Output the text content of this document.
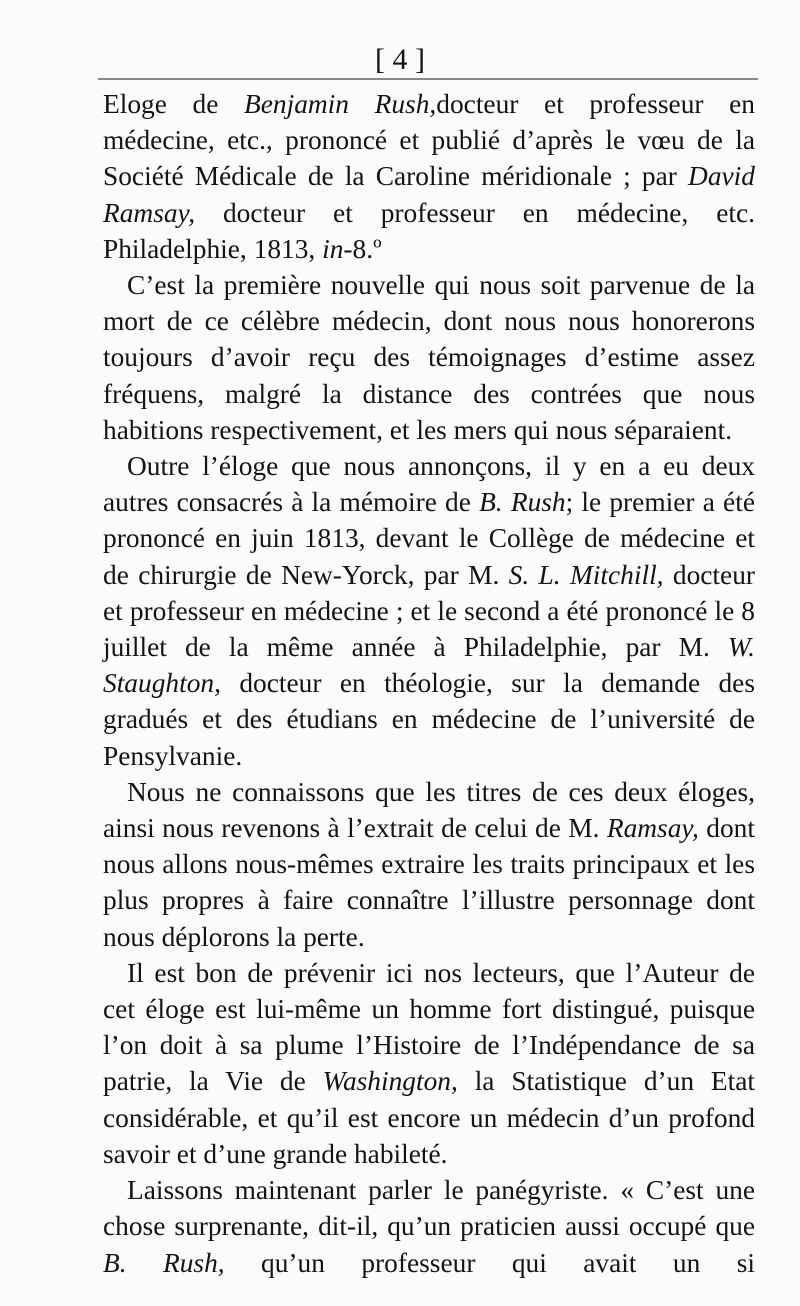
[ 4 ]

Eloge de Benjamin Rush,docteur et professeur en médecine, etc., prononcé et publié d’après le vœu de la Société Médicale de la Caroline méridionale ; par David Ramsay, docteur et professeur en médecine, etc. Philadelphie, 1813, in-8.º

C’est la première nouvelle qui nous soit parvenue de la mort de ce célèbre médecin, dont nous nous honorerons toujours d’avoir reçu des témoignages d’estime assez fréquens, malgré la distance des contrées que nous habitions respectivement, et les mers qui nous séparaient.

Outre l’éloge que nous annonçons, il y en a eu deux autres consacrés à la mémoire de B. Rush; le premier a été prononcé en juin 1813, devant le Collège de médecine et de chirurgie de New-Yorck, par M. S. L. Mitchill, docteur et professeur en médecine ; et le second a été prononcé le 8 juillet de la même année à Philadelphie, par M. W. Staughton, docteur en théologie, sur la demande des gradués et des étudians en médecine de l’université de Pensylvanie.

Nous ne connaissons que les titres de ces deux éloges, ainsi nous revenons à l’extrait de celui de M. Ramsay, dont nous allons nous-mêmes extraire les traits principaux et les plus propres à faire connaître l’illustre personnage dont nous déplorons la perte.

Il est bon de prévenir ici nos lecteurs, que l’Auteur de cet éloge est lui-même un homme fort distingué, puisque l’on doit à sa plume l’Histoire de l’Indépendance de sa patrie, la Vie de Washington, la Statistique d’un Etat considérable, et qu’il est encore un médecin d’un profond savoir et d’une grande habileté.

Laissons maintenant parler le panégyriste. « C’est une chose surprenante, dit-il, qu’un praticien aussi occupé que B. Rush, qu’un professeur qui avait un si
